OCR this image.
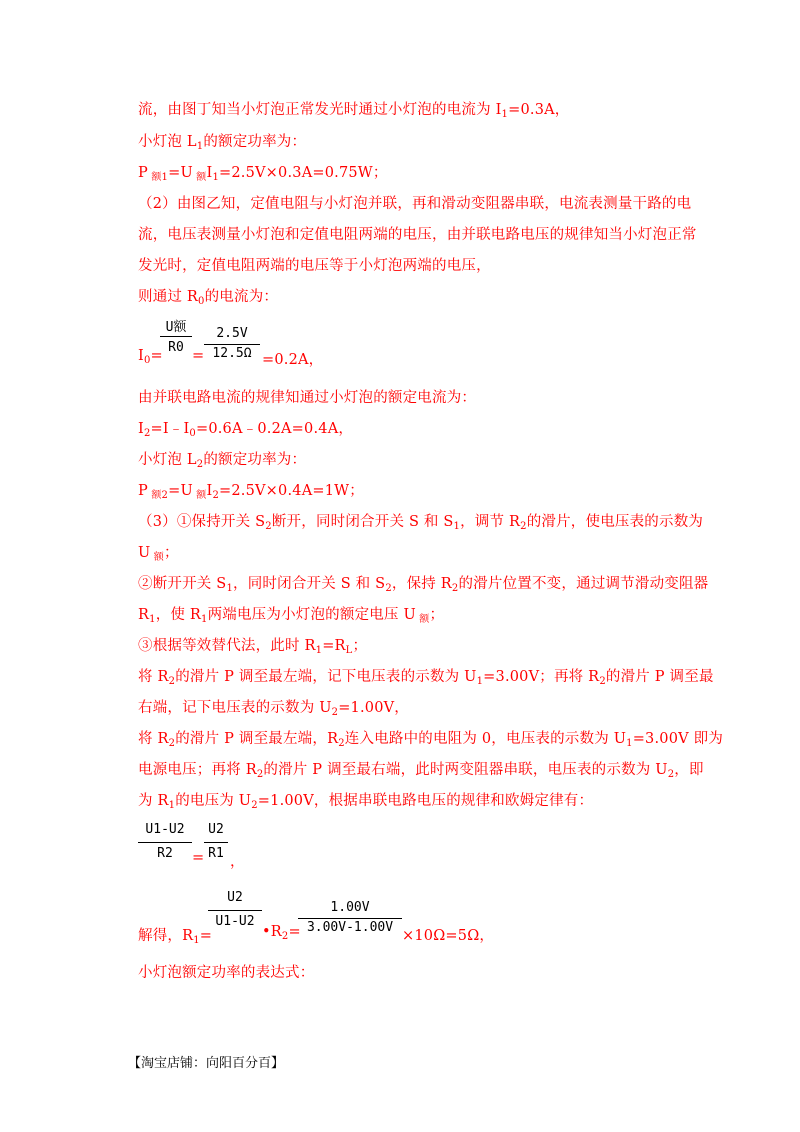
流，由图丁知当小灯泡正常发光时通过小灯泡的电流为 $I_1=0.3A$，
小灯泡 $L_1$的额定功率为：
P $_{额1}$=U $_额I_1=2.5V\times 0.3A=0.75W$；
（2）由图乙知，定值电阻与小灯泡并联，再和滑动变阻器串联，电流表测量干路的电
流，电压表测量小灯泡和定值电阻两端的电压，由并联电路电压的规律知当小灯泡正常
发光时，定值电阻两端的电压等于小灯泡两端的电压，
则通过 $R_0$的电流为：
$I_0=$ =	=0.2A，
U额
R0
2.5V
12.5Ω
由并联电路电流的规律知通过小灯泡的额定电流为：
$I_2=I﹣I_0=0.6A﹣0.2A=0.4A$，
小灯泡 $L_2$的额定功率为：
P $_{额2}$=U $_额I_2=2.5V\times 0.4A=1W$；
（3）①保持开关 $S_2$断开，同时闭合开关 S 和 $S_1$，调节 $R_2$的滑片，使电压表的示数为
U $_额$；
②断开开关 $S_1$，同时闭合开关 S 和 $S_2$，保持 $R_2$的滑片位置不变，通过调节滑动变阻器
$R_1$，使 $R_1$两端电压为小灯泡的额定电压 U $_额$；
③根据等效替代法，此时 $R_1=R_L$；
将 $R_2$的滑片 P 调至最左端，记下电压表的示数为 $U_1=3.00V$；再将 $R_2$的滑片 P 调至最
右端，记下电压表的示数为 $U_2=1.00V$，
将 $R_2$的滑片 P 调至最左端，$R_2$连入电路中的电阻为 0，电压表的示数为 $U_1=3.00V$ 即为
电源电压；再将 $R_2$的滑片 P 调至最右端，此时两变阻器串联，电压表的示数为 $U_2$，即
为 $R_1$的电压为 $U_2=1.00V$，根据串联电路电压的规律和欧姆定律有：
U1-U2
R2	=
U2
R1
，
解得，$R_1=$
U2
U1-U2
$•R_2=$
1.00V
3.00V-1.00V
×10Ω=5Ω，
小灯泡额定功率的表达式：
【淘宝店铺：向阳百分百】
